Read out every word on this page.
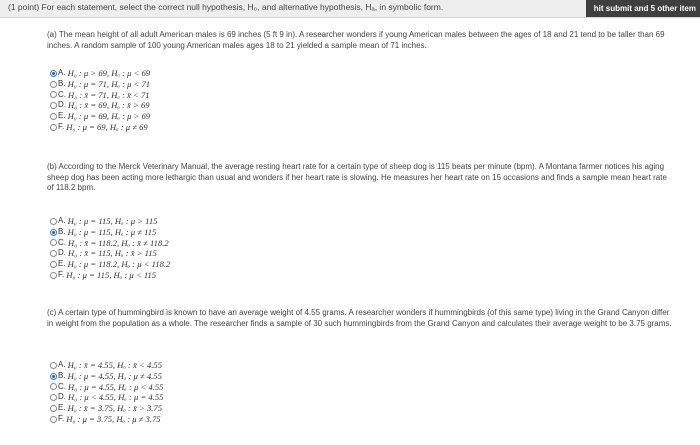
(1 point) For each statement, select the correct null hypothesis, H₀, and alternative hypothesis, Hₐ, in symbolic form.	hit submit and 5 other item
(a) The mean height of all adult American males is 69 inches (5 ft 9 in). A researcher wonders if young American males between the ages of 18 and 21 tend to be taller than 69 inches. A random sample of 100 young American males ages 18 to 21 yielded a sample mean of 71 inches.
A. H₀ : μ > 69, Hₐ : μ < 69
B. H₀ : μ = 71, Hₐ : μ < 71
C. H₀ : x̄ = 71, Hₐ : x̄ < 71
D. H₀ : x̄ = 69, Hₐ : x̄ > 69
E. H₀ : μ = 69, Hₐ : μ > 69
F. H₀ : μ = 69, Hₐ : μ ≠ 69
(b) According to the Merck Veterinary Manual, the average resting heart rate for a certain type of sheep dog is 115 beats per minute (bpm). A Montana farmer notices his aging sheep dog has been acting more lethargic than usual and wonders if her heart rate is slowing. He measures her heart rate on 15 occasions and finds a sample mean heart rate of 118.2 bpm.
A. H₀ : μ = 115, Hₐ : μ > 115
B. H₀ : μ = 115, Hₐ : μ ≠ 115
C. H₀ : x̄ = 118.2, Hₐ : x̄ ≠ 118.2
D. H₀ : x̄ = 115, Hₐ : x̄ > 115
E. H₀ : μ = 118.2, Hₐ : μ < 118.2
F. H₀ : μ = 115, Hₐ : μ < 115
(c) A certain type of hummingbird is known to have an average weight of 4.55 grams. A researcher wonders if hummingbirds (of this same type) living in the Grand Canyon differ in weight from the population as a whole. The researcher finds a sample of 30 such hummingbirds from the Grand Canyon and calculates their average weight to be 3.75 grams.
A. H₀ : x̄ = 4.55, Hₐ : x̄ < 4.55
B. H₀ : μ = 4.55, Hₐ : μ ≠ 4.55
C. H₀ : μ = 4.55, Hₐ : μ < 4.55
D. H₀ : μ < 4.55, Hₐ : μ = 4.55
E. H₀ : x̄ = 3.75, Hₐ : x̄ > 3.75
F. H₀ : μ = 3.75, Hₐ : μ ≠ 3.75
